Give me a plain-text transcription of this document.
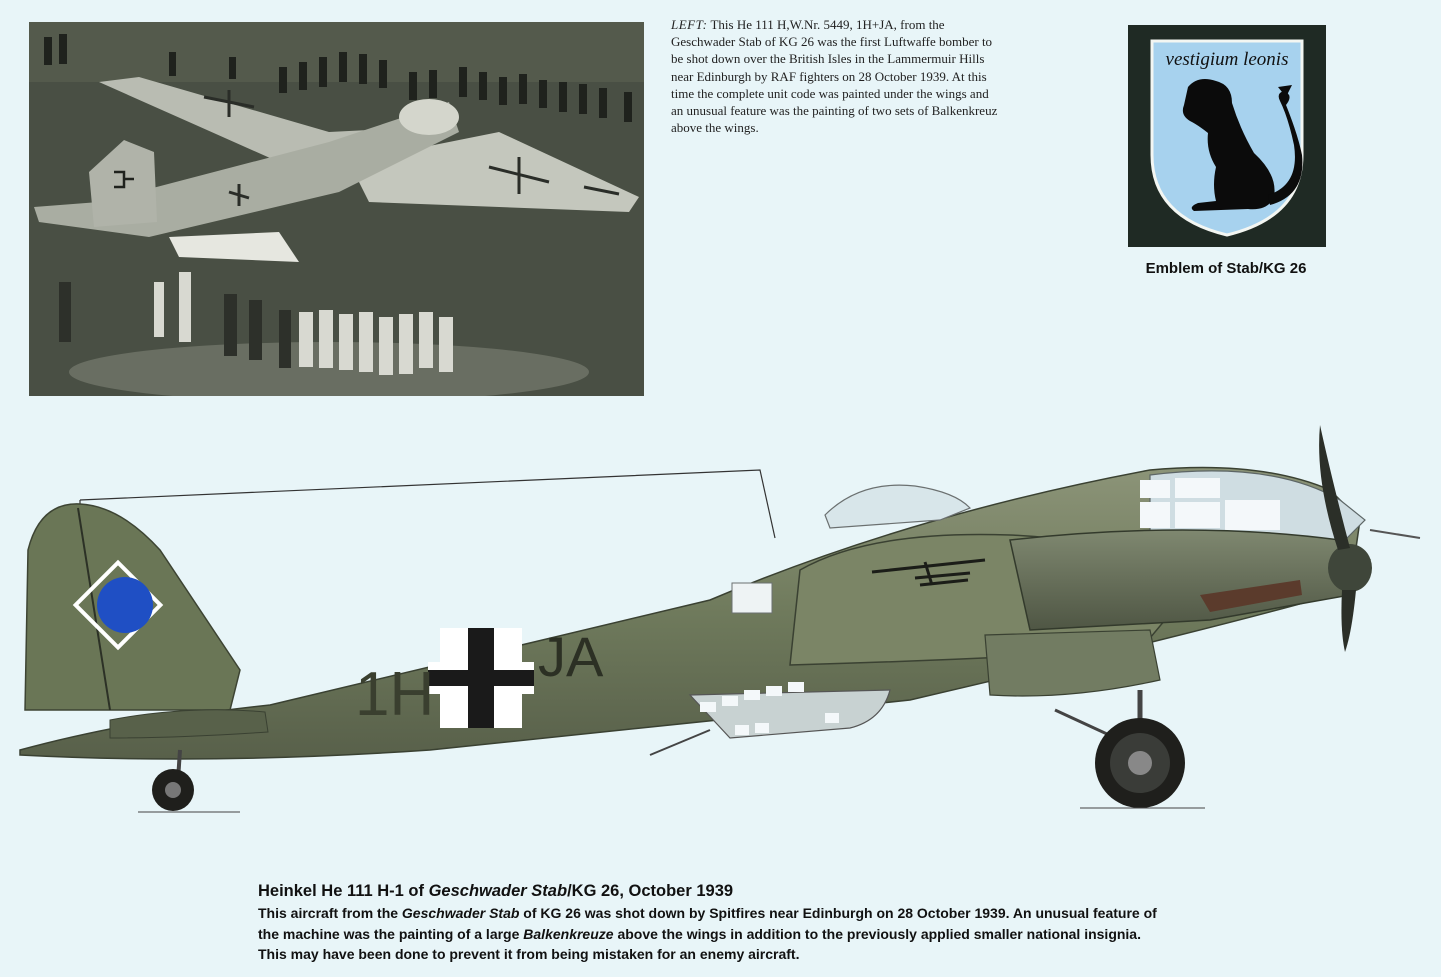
LEFT: This He 111 H,W.Nr. 5449, 1H+JA, from the Geschwader Stab of KG 26 was the first Luftwaffe bomber to be shot down over the British Isles in the Lammermuir Hills near Edinburgh by RAF fighters on 28 October 1939. At this time the complete unit code was painted under the wings and an unusual feature was the painting of two sets of Balkenkreuz above the wings.
vestigium leonis
Emblem of Stab/KG 26
1H
JA
Heinkel He 111 H-1 of Geschwader Stab/KG 26, October 1939
This aircraft from the Geschwader Stab of KG 26 was shot down by Spitfires near Edinburgh on 28 October 1939. An unusual feature of the machine was the painting of a large Balkenkreuze above the wings in addition to the previously applied smaller national insignia. This may have been done to prevent it from being mistaken for an enemy aircraft.
